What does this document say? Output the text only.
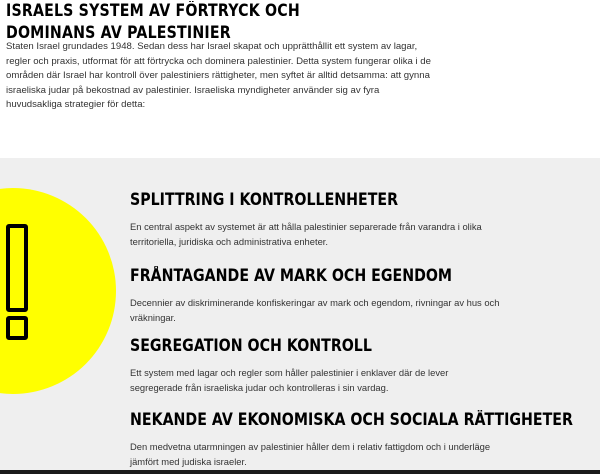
ISRAELS SYSTEM AV FÖRTRYCK OCH DOMINANS AV PALESTINIER

Staten Israel grundades 1948. Sedan dess har Israel skapat och upprätthållit ett system av lagar, regler och praxis, utformat för att förtrycka och dominera palestinier. Detta system fungerar olika i de områden där Israel har kontroll över palestiniers rättigheter, men syftet är alltid detsamma: att gynna israeliska judar på bekostnad av palestinier. Israeliska myndigheter använder sig av fyra huvudsakliga strategier för detta:

SPLITTRING I KONTROLLENHETER

En central aspekt av systemet är att hålla palestinier separerade från varandra i olika territoriella, juridiska och administrativa enheter.

FRÅNTAGANDE AV MARK OCH EGENDOM

Decennier av diskriminerande konfiskeringar av mark och egendom, rivningar av hus och vräkningar.

SEGREGATION OCH KONTROLL

Ett system med lagar och regler som håller palestinier i enklaver där de lever segregerade från israeliska judar och kontrolleras i sin vardag.

NEKANDE AV EKONOMISKA OCH SOCIALA RÄTTIGHETER

Den medvetna utarmningen av palestinier håller dem i relativ fattigdom och i underläge jämfört med judiska israeler.
